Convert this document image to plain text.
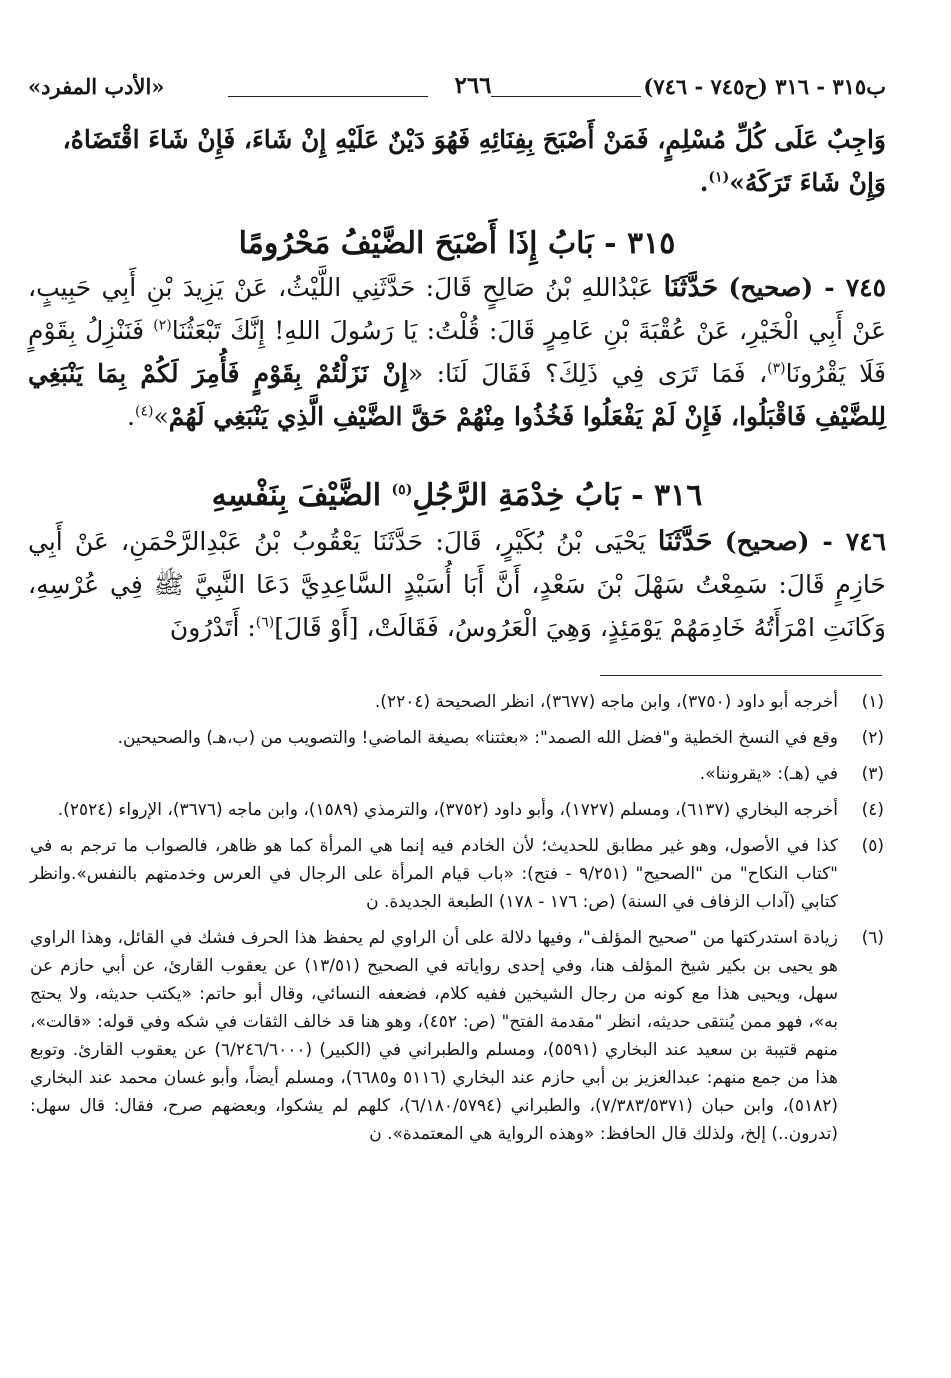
ب٣١٥ - ٣١٦ (ح٧٤٥ - ٧٤٦)
٢٦٦
«الأدب المفرد»
وَاجِبٌ عَلَى كُلِّ مُسْلِمٍ، فَمَنْ أَصْبَحَ بِفِنَائِهِ فَهُوَ دَيْنٌ عَلَيْهِ إِنْ شَاءَ، فَإِنْ شَاءَ اقْتَضَاهُ،
وَإِنْ شَاءَ تَرَكَهُ»$^{(١)}$.
٣١٥ - بَابُ إِذَا أَصْبَحَ الضَّيْفُ مَحْرُومًا
٧٤٥ - (صحيح) حَدَّثَنَا عَبْدُاللهِ بْنُ صَالِحٍ قَالَ: حَدَّثَنِي اللَّيْثُ، عَنْ يَزِيدَ بْنِ أَبِي حَبِيبٍ، عَنْ أَبِي الْخَيْرِ، عَنْ عُقْبَةَ بْنِ عَامِرٍ قَالَ: قُلْتُ: يَا رَسُولَ اللهِ! إِنَّكَ تَبْعَثُنَا$^{(٢)}$ فَنَنْزِلُ بِقَوْمٍ فَلَا يَقْرُونَا$^{(٣)}$، فَمَا تَرَى فِي ذَلِكَ؟ فَقَالَ لَنَا: «إِنْ نَزَلْتُمْ بِقَوْمٍ فَأُمِرَ لَكُمْ بِمَا يَنْبَغِي لِلضَّيْفِ فَاقْبَلُوا، فَإِنْ لَمْ يَفْعَلُوا فَخُذُوا مِنْهُمْ حَقَّ الضَّيْفِ الَّذِي يَنْبَغِي لَهُمْ»$^{(٤)}$.
٣١٦ - بَابُ خِدْمَةِ الرَّجُلِ$^{(٥)}$ الضَّيْفَ بِنَفْسِهِ
٧٤٦ - (صحيح) حَدَّثَنَا يَحْيَى بْنُ بُكَيْرٍ، قَالَ: حَدَّثَنَا يَعْقُوبُ بْنُ عَبْدِالرَّحْمَنِ، عَنْ أَبِي حَازِمٍ قَالَ: سَمِعْتُ سَهْلَ بْنَ سَعْدٍ، أَنَّ أَبَا أُسَيْدٍ السَّاعِدِيَّ دَعَا النَّبِيَّ ﷺ فِي عُرْسِهِ، وَكَانَتِ امْرَأَتُهُ خَادِمَهُمْ يَوْمَئِذٍ، وَهِيَ الْعَرُوسُ، فَقَالَتْ، [أَوْ قَالَ]$^{(٦)}$: أَتَدْرُونَ
(١)
أخرجه أبو داود (٣٧٥٠)، وابن ماجه (٣٦٧٧)، انظر الصحيحة (٢٢٠٤).
(٢)
وقع في النسخ الخطية و"فضل الله الصمد": «بعثتنا» بصيغة الماضي! والتصويب من (ب،هـ) والصحيحين.
(٣)
في (هـ): «يقروننا».
(٤)
أخرجه البخاري (٦١٣٧)، ومسلم (١٧٢٧)، وأبو داود (٣٧٥٢)، والترمذي (١٥٨٩)، وابن ماجه (٣٦٧٦)، الإرواء (٢٥٢٤).
(٥)
كذا في الأصول، وهو غير مطابق للحديث؛ لأن الخادم فيه إنما هي المرأة كما هو ظاهر، فالصواب ما ترجم به في "كتاب النكاح" من "الصحيح" (٩/٢٥١ - فتح): «باب قيام المرأة على الرجال في العرس وخدمتهم بالنفس».وانظر كتابي (آداب الزفاف في السنة) (ص: ١٧٦ - ١٧٨) الطبعة الجديدة. ن
(٦)
زيادة استدركتها من "صحيح المؤلف"، وفيها دلالة على أن الراوي لم يحفظ هذا الحرف فشك في القائل، وهذا الراوي هو يحيى بن بكير شيخ المؤلف هنا، وفي إحدى رواياته في الصحيح (١٣/٥١) عن يعقوب القارئ، عن أبي حازم عن سهل، ويحيى هذا مع كونه من رجال الشيخين ففيه كلام، فضعفه النسائي، وقال أبو حاتم: «يكتب حديثه، ولا يحتج به»، فهو ممن يُنتقى حديثه، انظر "مقدمة الفتح" (ص: ٤٥٢)، وهو هنا قد خالف الثقات في شكه وفي قوله: «قالت»، منهم قتيبة بن سعيد عند البخاري (٥٥٩١)، ومسلم والطبراني في (الكبير) (٦/٢٤٦/٦٠٠٠) عن يعقوب القارئ. وتوبع هذا من جمع منهم: عبدالعزيز بن أبي حازم عند البخاري (٥١١٦ و٦٦٨٥)، ومسلم أيضاً، وأبو غسان محمد عند البخاري (٥١٨٢)، وابن حبان (٧/٣٨٣/٥٣٧١)، والطبراني (٦/١٨٠/٥٧٩٤)، كلهم لم يشكوا، وبعضهم صرح، فقال: قال سهل: (تدرون..) إلخ، ولذلك قال الحافظ: «وهذه الرواية هي المعتمدة». ن
